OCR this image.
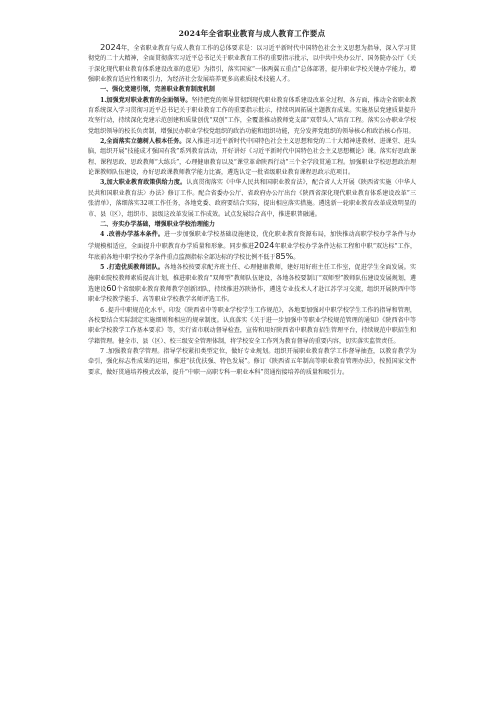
2024年全省职业教育与成人教育工作要点

2024年，全省职业教育与成人教育工作的总体要求是：以习近平新时代中国特色社会主义思想为指导，深入学习贯彻党的二十大精神，全面贯彻落实习近平总书记关于职业教育工作的重要指示批示，以中共中央办公厅、国务院办公厅《关于深化现代职业教育体系建设改革的意见》为指引，落实国家“一体两翼五重点”总体部署，提升职业学校关键办学能力，增强职业教育适应性和吸引力，为经济社会发展培养更多高素质技术技能人才。

一、强化党建引领，完善职业教育制度机制

1.加强党对职业教育的全面领导。坚持把党的领导贯彻到现代职业教育体系建设改革全过程、各方面，推动全省职业教育系统深入学习贯彻习近平总书记关于职业教育工作的重要指示批示，持续巩固拓展主题教育成果。实施基层党建质量提升攻坚行动，持续深化党建示范创建和质量创优“双创”工作，全覆盖推动教师党支部“双带头人”培育工程。落实公办职业学校党组织领导的校长负责制，增强民办职业学校党组织的政治功能和组织功能，充分发挥党组织的领导核心和政治核心作用。

2,全面落实立德树人根本任务。深入推进习近平新时代中国特色社会主义思想和党的二十大精神进教材、进课堂、进头脑，组织开展“技能成才强国有我”系列教育活动，开好讲好《习近平新时代中国特色社会主义思想概论》课。落实好思政课程、课程思政、思政教师“大练兵”，心理健康教育以及“课堂革命陕西行动”三个全学段贯通工程。加强职业学校思想政治理论课教师队伍建设，办好思政课教师教学能力比赛，遴选认定一批省级职业教育课程思政示范项目。

3,加大职业教育政策供给力度。认真贯彻落实《中华人民共和国职业教育法》，配合省人大开展《陕西省实施〈中华人民共和国职业教育法〉办法》修订工作。配合省委办公厅、省政府办公厅出台《陕西省深化现代职业教育体系建设改革”三张清单》，落细落实32项工作任务，各地党委、政府要结合实际，提出相应落实措施。遴选新一轮职业教育改革成效明显的市、县（区），组织市、县级这改革发展工作成效。试点发展综合高中，推进职普融通。

二、夯实办学基础，增强职业学校治理能力

4 .改善办学基本条件。进一步加强职业学校基础设施建设，优化职业教育资源布局，加快推动高职学校办学条件与办学规模相适应，全面提升中职教育办学质量和形象。同步推进2024年职业学校办学条件达标工程和中职“双达标”工作，年底前各地中职学校办学条件重点监测指标全部达标的学校比例不低于85%。

5 .打造优质教师团队。各地各校按要求配齐班主任、心理健康教师，建好用好班主任工作室，促进学生全面发展。实施职业院校教师素质提高计划，推进职业教育“双师型”教师队伍建设，各地各校要制订“双师型”教师队伍建设发展规划，遴选建设60个省级职业教育教师教学创新团队，持续推进苏陕协作，遴选专业技术人才赴江苏学习交流，组织开展陕西中等职业学校教学能手、高等职业学校教学名师评选工作。

6 .提升中职规范化水平。印发《陕西省中等职业学校学生工作规范》，各地要加强对中职学校学生工作的指导和管理，各校要结合实际制定实施细则和相应的规章制度。认真落实《关于进一步加强中等职业学校规范管理的通知》《陕西省中等职业学校教学工作基本要求》等，实行省市联动督导检查，宣传和用好陕西省中职教育招生管理平台，持续规范中职招生和学籍管理。健全市、县（区）、校三级安全管理体制，将学校安全工作列为教育督导的重要内容，切实落实监管责任。

7 .加强教育教学管理。指导学校紧扣类型定位，做好专业规划。组织开展职业教育教学工作督导抽查，以教育教学为牵引，强化标志性成果的运用，推进“扶优扶强、特色发展”。修订《陕西省五年制高等职业教育管理办法》，按照国家文件要求，做好贯通培养模式改革，提升“中职一高职专科一职业本科”贯通衔接培养的质量和吸引力。
